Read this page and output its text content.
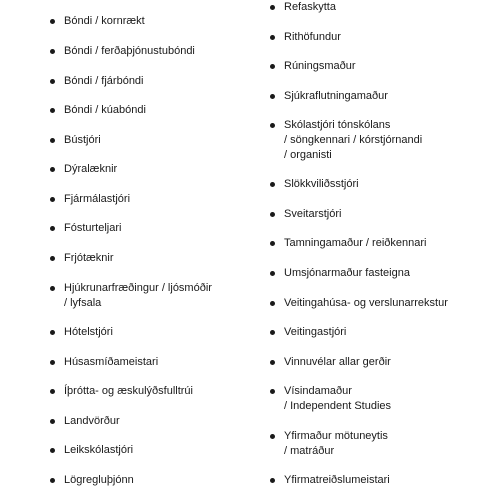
Bóndi / kornrækt
Bóndi / ferðaþjónustubóndi
Bóndi / fjárbóndi
Bóndi / kúabóndi
Bústjóri
Dýralæknir
Fjármálastjóri
Fósturteljari
Frjótæknir
Hjúkrunarfræðingur / ljósmóðir
/ lyfsala
Hótelstjóri
Húsasmíðameistari
Íþrótta- og æskulýðsfulltrúi
Landvörður
Leikskólastjóri
Lögregluþjónn
Refaskytta
Rithöfundur
Rúningsmaður
Sjúkraflutningamaður
Skólastjóri tónskólans
/ söngkennari / kórstjórnandi
/ organisti
Slökkviliðsstjóri
Sveitarstjóri
Tamningamaður / reiðkennari
Umsjónarmaður fasteigna
Veitingahúsa- og verslunarrekstur
Veitingastjóri
Vinnuvélar allar gerðir
Vísindamaður
/ Independent Studies
Yfirmaður mötuneytis
/ matráður
Yfirmatreiðslumeistari
